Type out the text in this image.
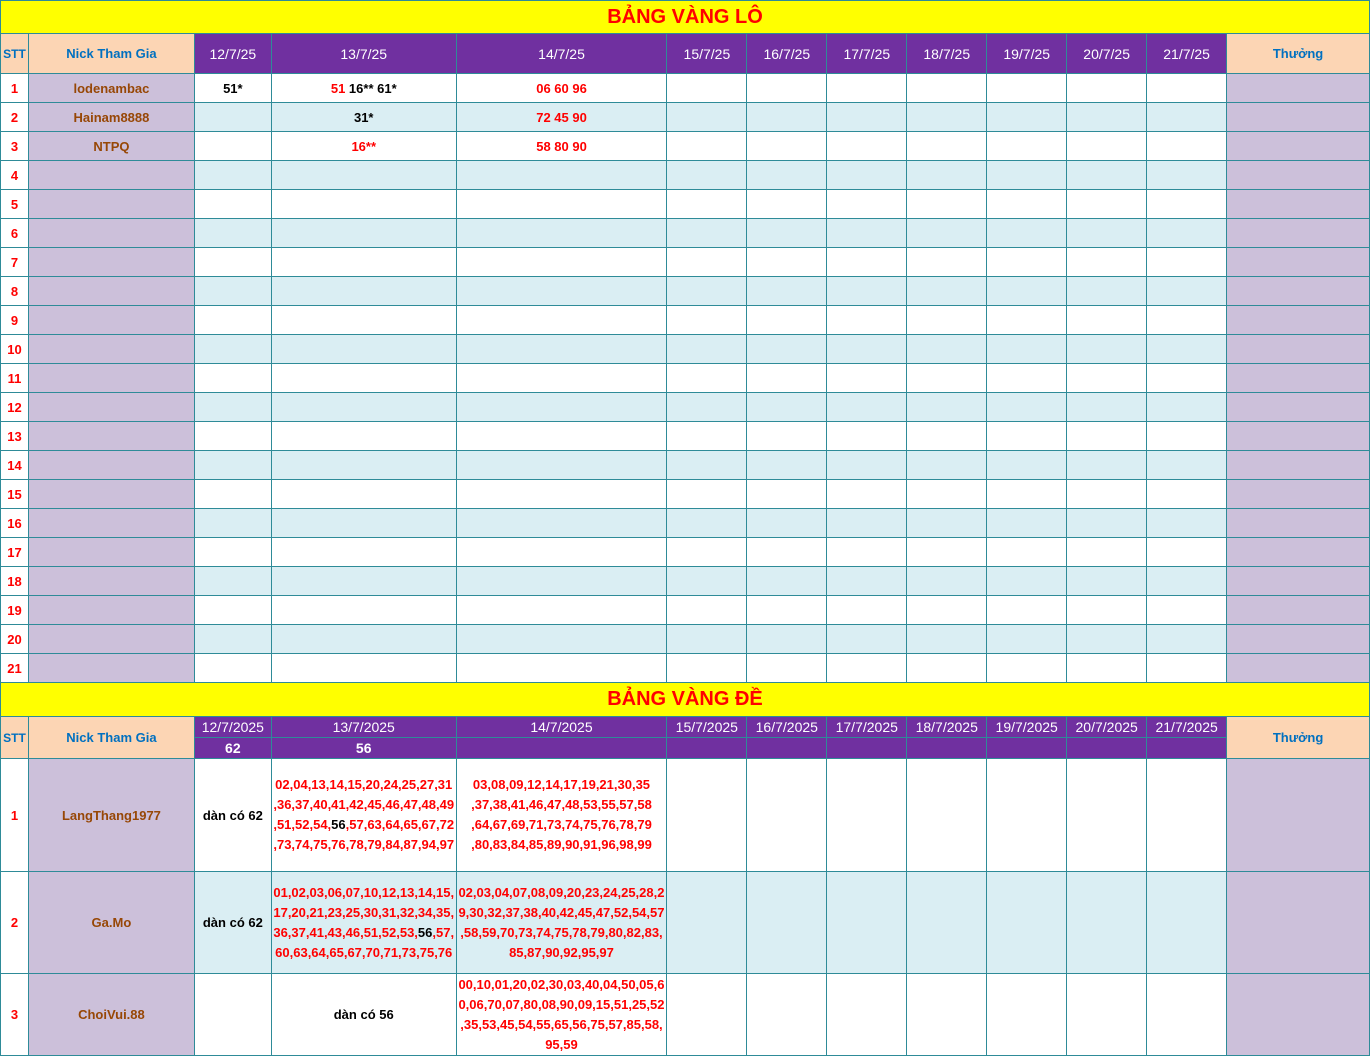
BẢNG VÀNG LÔ												
STT	Nick Tham Gia	12/7/25	13/7/25	14/7/25	15/7/25	16/7/25	17/7/25	18/7/25	19/7/25	20/7/25	21/7/25	Thưởng
1	lodenambac	51*	51 16** 61*	06 60 96								
2	Hainam8888		31*	72 45 90								
3	NTPQ		16**	58 80 90								
4												
5												
6												
7												
8												
9												
10												
11												
12												
13												
14												
15												
16												
17												
18												
19												
20												
21												
BẢNG VÀNG ĐỀ												
STT	Nick Tham Gia	12/7/2025	13/7/2025	14/7/2025	15/7/2025	16/7/2025	17/7/2025	18/7/2025	19/7/2025	20/7/2025	21/7/2025	Thưởng
		62	56									
1	LangThang1977	dàn có 62	02,04,13,14,15,20,24,25,27,31
,36,37,40,41,42,45,46,47,48,49
,51,52,54,56,57,63,64,65,67,72
,73,74,75,76,78,79,84,87,94,97	03,08,09,12,14,17,19,21,30,35
,37,38,41,46,47,48,53,55,57,58
,64,67,69,71,73,74,75,76,78,79
,80,83,84,85,89,90,91,96,98,99								

2	Ga.Mo	dàn có 62	01,02,03,06,07,10,12,13,14,15,
17,20,21,23,25,30,31,32,34,35,
36,37,41,43,46,51,52,53,56,57,
60,63,64,65,67,70,71,73,75,76	02,03,04,07,08,09,20,23,24,25,28,2
9,30,32,37,38,40,42,45,47,52,54,57
,58,59,70,73,74,75,78,79,80,82,83,
85,87,90,92,95,97								

3	ChoiVui.88		dàn có 56	00,10,01,20,02,30,03,40,04,50,05,6
0,06,70,07,80,08,90,09,15,51,25,52
,35,53,45,54,55,65,56,75,57,85,58,
95,59								
